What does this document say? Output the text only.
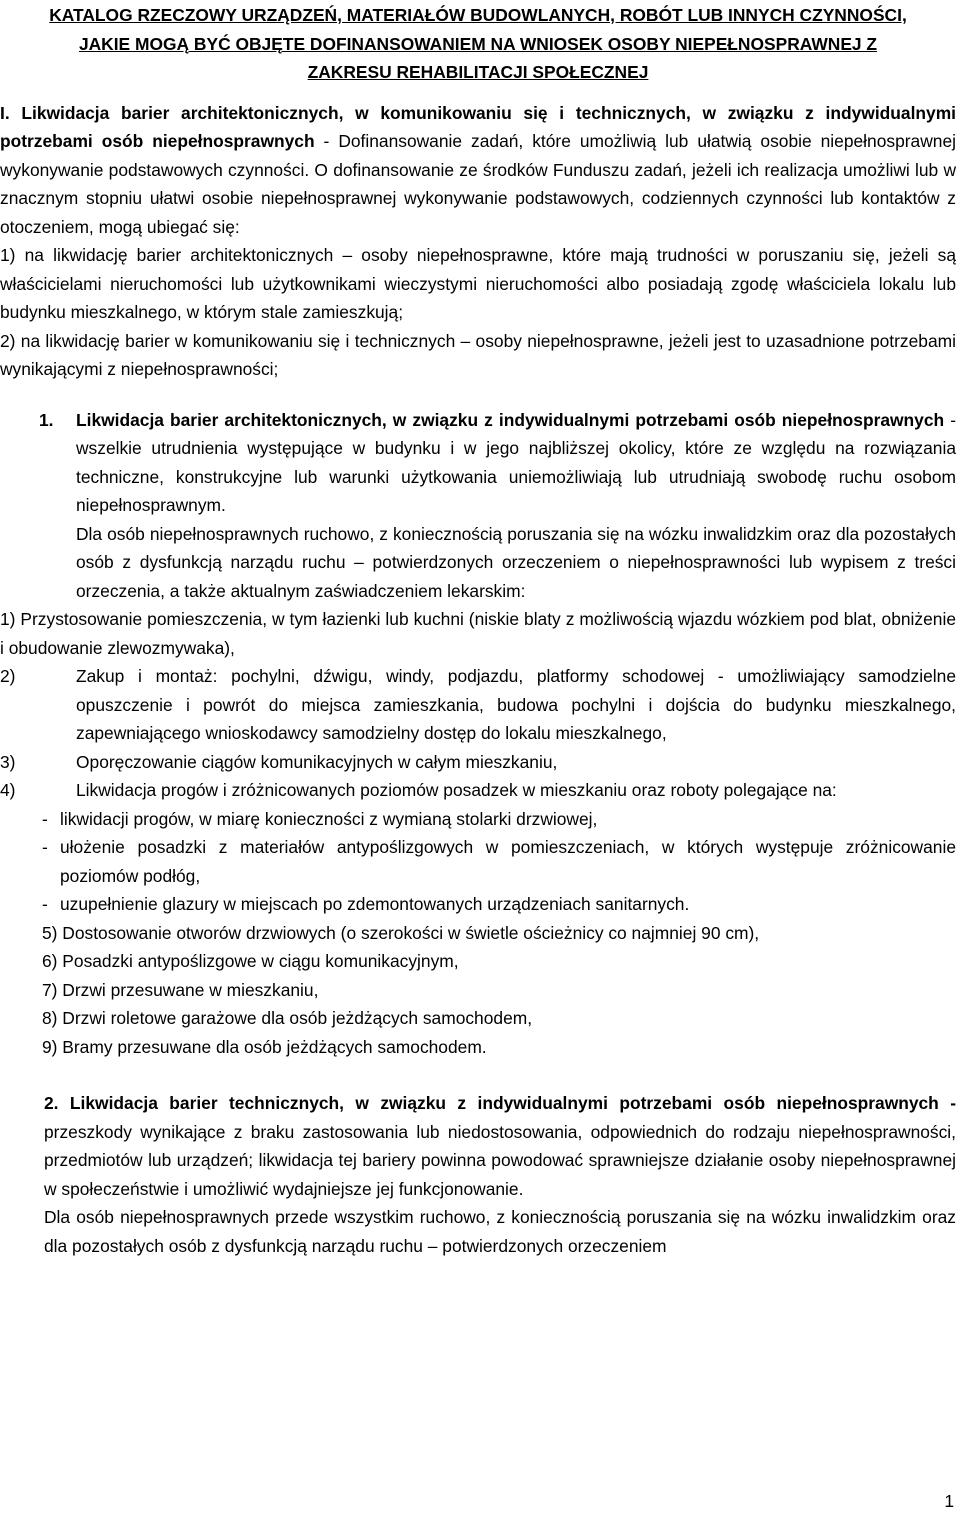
KATALOG RZECZOWY URZĄDZEŃ, MATERIAŁÓW BUDOWLANYCH, ROBÓT LUB INNYCH CZYNNOŚCI,

JAKIE MOGĄ BYĆ OBJĘTE DOFINANSOWANIEM NA WNIOSEK OSOBY NIEPEŁNOSPRAWNEJ Z

ZAKRESU REHABILITACJI SPOŁECZNEJ

I. Likwidacja barier architektonicznych, w komunikowaniu się i technicznych, w związku z indywidualnymi potrzebami osób niepełnosprawnych - Dofinansowanie zadań, które umożliwią lub ułatwią osobie niepełnosprawnej wykonywanie podstawowych czynności. O dofinansowanie ze środków Funduszu zadań, jeżeli ich realizacja umożliwi lub w znacznym stopniu ułatwi osobie niepełnosprawnej wykonywanie podstawowych, codziennych czynności lub kontaktów z otoczeniem, mogą ubiegać się:

1) na likwidację barier architektonicznych – osoby niepełnosprawne, które mają trudności w poruszaniu się, jeżeli są właścicielami nieruchomości lub użytkownikami wieczystymi nieruchomości albo posiadają zgodę właściciela lokalu lub budynku mieszkalnego, w którym stale zamieszkują;

2) na likwidację barier w komunikowaniu się i technicznych – osoby niepełnosprawne, jeżeli jest to uzasadnione potrzebami wynikającymi z niepełnosprawności;

1.	Likwidacja barier architektonicznych, w związku z indywidualnymi potrzebami osób niepełnosprawnych - wszelkie utrudnienia występujące w budynku i w jego najbliższej okolicy, które ze względu na rozwiązania techniczne, konstrukcyjne lub warunki użytkowania uniemożliwiają lub utrudniają swobodę ruchu osobom niepełnosprawnym.

Dla osób niepełnosprawnych ruchowo, z koniecznością poruszania się na wózku inwalidzkim oraz dla pozostałych osób z dysfunkcją narządu ruchu – potwierdzonych orzeczeniem o niepełnosprawności lub wypisem z treści orzeczenia, a także aktualnym zaświadczeniem lekarskim:

1) Przystosowanie pomieszczenia, w tym łazienki lub kuchni (niskie blaty z możliwością wjazdu wózkiem pod blat, obniżenie i obudowanie zlewozmywaka),

2)	Zakup i montaż: pochylni, dźwigu, windy, podjazdu, platformy schodowej - umożliwiający samodzielne opuszczenie i powrót do miejsca zamieszkania, budowa pochylni i dojścia do budynku mieszkalnego, zapewniającego wnioskodawcy samodzielny dostęp do lokalu mieszkalnego,
3)	Oporęczowanie ciągów komunikacyjnych w całym mieszkaniu,
4)	Likwidacja progów i zróżnicowanych poziomów posadzek w mieszkaniu oraz roboty polegające na:
- likwidacji progów, w miarę konieczności z wymianą stolarki drzwiowej,
- ułożenie posadzki z materiałów antypoślizgowych w pomieszczeniach, w których występuje zróżnicowanie poziomów podłóg,
- uzupełnienie glazury w miejscach po zdemontowanych urządzeniach sanitarnych.

5) Dostosowanie otworów drzwiowych (o szerokości w świetle ościeżnicy co najmniej 90 cm),

6) Posadzki antypoślizgowe w ciągu komunikacyjnym,

7) Drzwi przesuwane w mieszkaniu,

8) Drzwi roletowe garażowe dla osób jeżdżących samochodem,

9) Bramy przesuwane dla osób jeżdżących samochodem.

2. Likwidacja barier technicznych, w związku z indywidualnymi potrzebami osób niepełnosprawnych - przeszkody wynikające z braku zastosowania lub niedostosowania, odpowiednich do rodzaju niepełnosprawności, przedmiotów lub urządzeń; likwidacja tej bariery powinna powodować sprawniejsze działanie osoby niepełnosprawnej w społeczeństwie i umożliwić wydajniejsze jej funkcjonowanie.

Dla osób niepełnosprawnych przede wszystkim ruchowo, z koniecznością poruszania się na wózku inwalidzkim oraz dla pozostałych osób z dysfunkcją narządu ruchu – potwierdzonych orzeczeniem

1
